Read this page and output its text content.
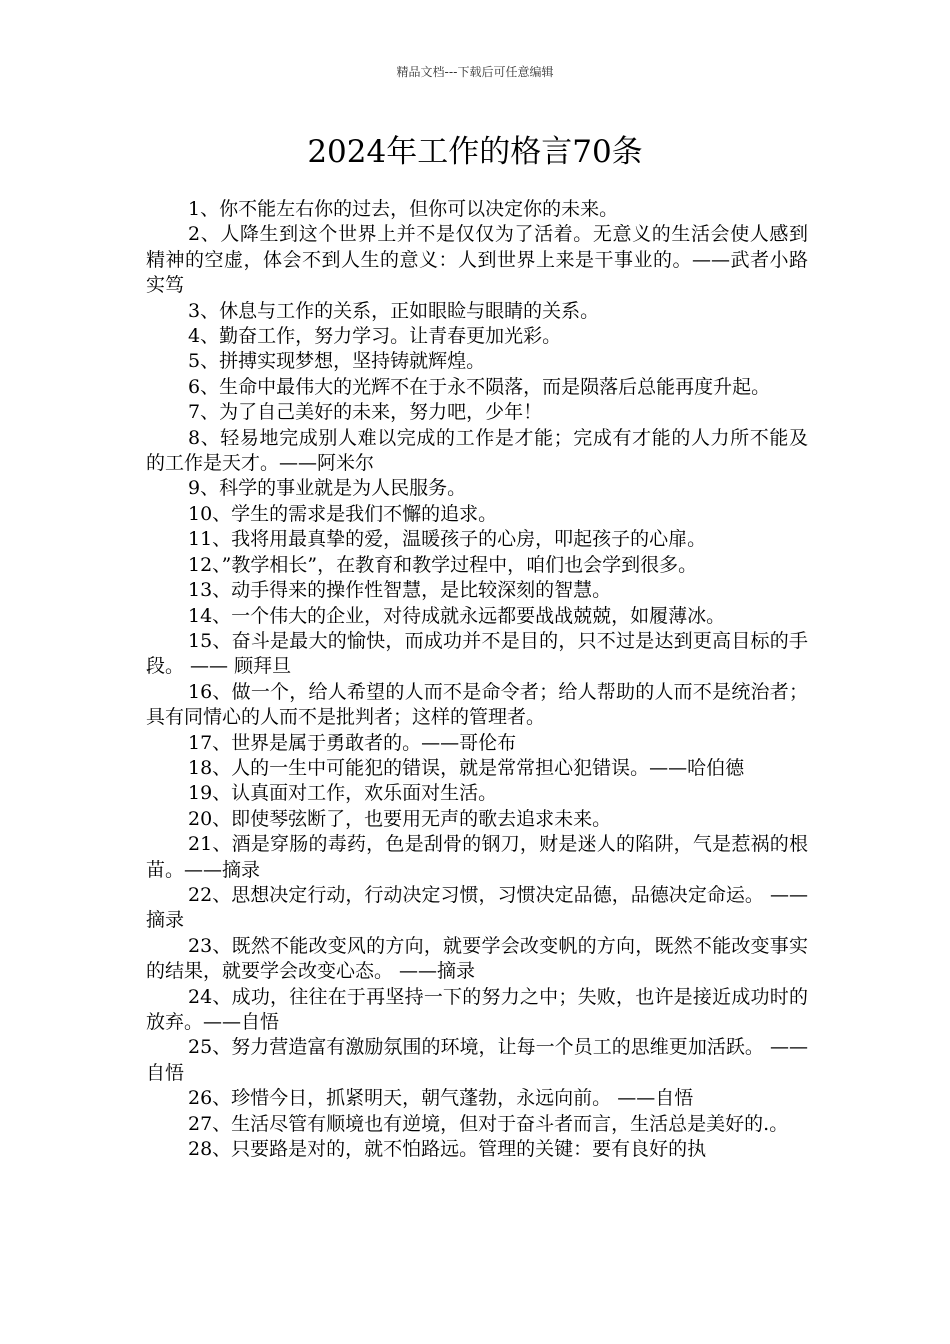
精品文档---下载后可任意编辑
2024年工作的格言70条

1、你不能左右你的过去，但你可以决定你的未来。

2、人降生到这个世界上并不是仅仅为了活着。无意义的生活会使人感到精神的空虚，体会不到人生的意义：人到世界上来是干事业的。——武者小路实笃

3、休息与工作的关系，正如眼睑与眼睛的关系。

4、勤奋工作，努力学习。让青春更加光彩。

5、拼搏实现梦想，坚持铸就辉煌。

6、生命中最伟大的光辉不在于永不陨落，而是陨落后总能再度升起。

7、为了自己美好的未来，努力吧，少年！

8、轻易地完成别人难以完成的工作是才能；完成有才能的人力所不能及的工作是天才。——阿米尔

9、科学的事业就是为人民服务。

10、学生的需求是我们不懈的追求。

11、我将用最真挚的爱，温暖孩子的心房，叩起孩子的心扉。

12、”教学相长”，在教育和教学过程中，咱们也会学到很多。

13、动手得来的操作性智慧，是比较深刻的智慧。

14、一个伟大的企业，对待成就永远都要战战兢兢，如履薄冰。

15、奋斗是最大的愉快，而成功并不是目的，只不过是达到更高目标的手段。 —— 顾拜旦

16、做一个，给人希望的人而不是命令者；给人帮助的人而不是统治者；具有同情心的人而不是批判者；这样的管理者。

17、世界是属于勇敢者的。——哥伦布

18、人的一生中可能犯的错误，就是常常担心犯错误。——哈伯德

19、认真面对工作，欢乐面对生活。

20、即使琴弦断了，也要用无声的歌去追求未来。

21、酒是穿肠的毒药，色是刮骨的钢刀，财是迷人的陷阱，气是惹祸的根苗。——摘录

22、思想决定行动，行动决定习惯，习惯决定品德，品德决定命运。 ——摘录

23、既然不能改变风的方向，就要学会改变帆的方向，既然不能改变事实的结果，就要学会改变心态。 ——摘录

24、成功，往往在于再坚持一下的努力之中；失败，也许是接近成功时的放弃。——自悟

25、努力营造富有激励氛围的环境，让每一个员工的思维更加活跃。 ——自悟

26、珍惜今日，抓紧明天，朝气蓬勃，永远向前。 ——自悟

27、生活尽管有顺境也有逆境，但对于奋斗者而言，生活总是美好的.。

28、只要路是对的，就不怕路远。管理的关键：要有良好的执
